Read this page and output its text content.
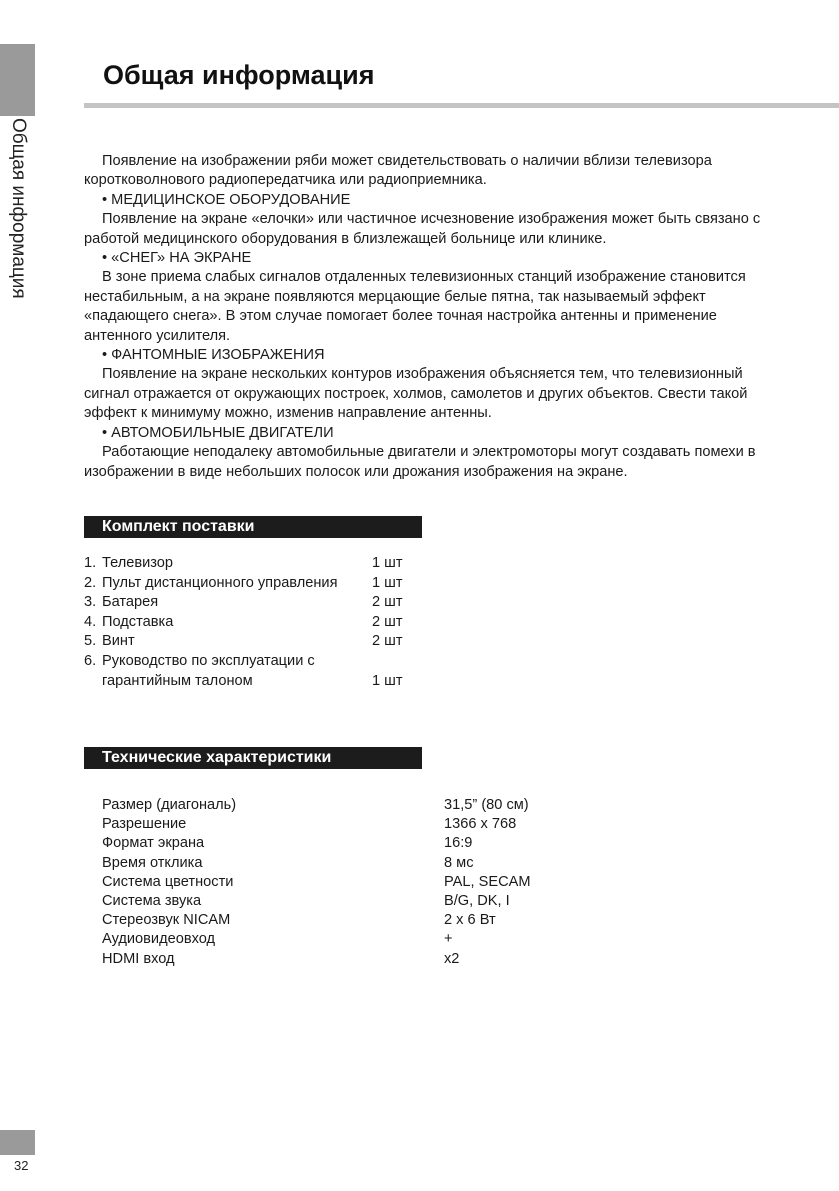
Общая информация
Общая информация

Появление на изображении ряби может свидетельствовать о наличии вблизи телевизора коротковолнового радиопередатчика или радиоприемника.

• МЕДИЦИНСКОЕ ОБОРУДОВАНИЕ

Появление на экране «елочки» или частичное исчезновение изображения может быть связано с работой медицинского оборудования в близлежащей больнице или клинике.

• «СНЕГ» НА ЭКРАНЕ

В зоне приема слабых сигналов отдаленных телевизионных станций изображение становится нестабильным, а на экране появляются мерцающие белые пятна, так называемый эффект «падающего снега». В этом случае помогает более точная настройка антенны и применение антенного усилителя.

• ФАНТОМНЫЕ ИЗОБРАЖЕНИЯ

Появление на экране нескольких контуров изображения объясняется тем, что телевизионный сигнал отражается от окружающих построек, холмов, самолетов и других объектов. Свести такой эффект к минимуму можно, изменив направление антенны.

• АВТОМОБИЛЬНЫЕ ДВИГАТЕЛИ

Работающие неподалеку автомобильные двигатели и электромоторы могут создавать помехи в изображении в виде небольших полосок или дрожания изображения на экране.

Комплект поставки
1. Телевизор	1 шт
2. Пульт дистанционного управления	1 шт
3. Батарея	2 шт
4. Подставка	2 шт
5. Винт	2 шт
6. Руководство по эксплуатации с
гарантийным талоном	1 шт
Технические характеристики
Размер (диагональ)	31,5” (80 см)
Разрешение	1366 x 768
Формат экрана	16:9
Время отклика	8 мс
Система цветности	PAL, SECAM
Система звука	B/G, DK, I
Стереозвук NICAM	2 x 6 Вт
Аудиовидеовход	+
HDMI вход	x2
32
